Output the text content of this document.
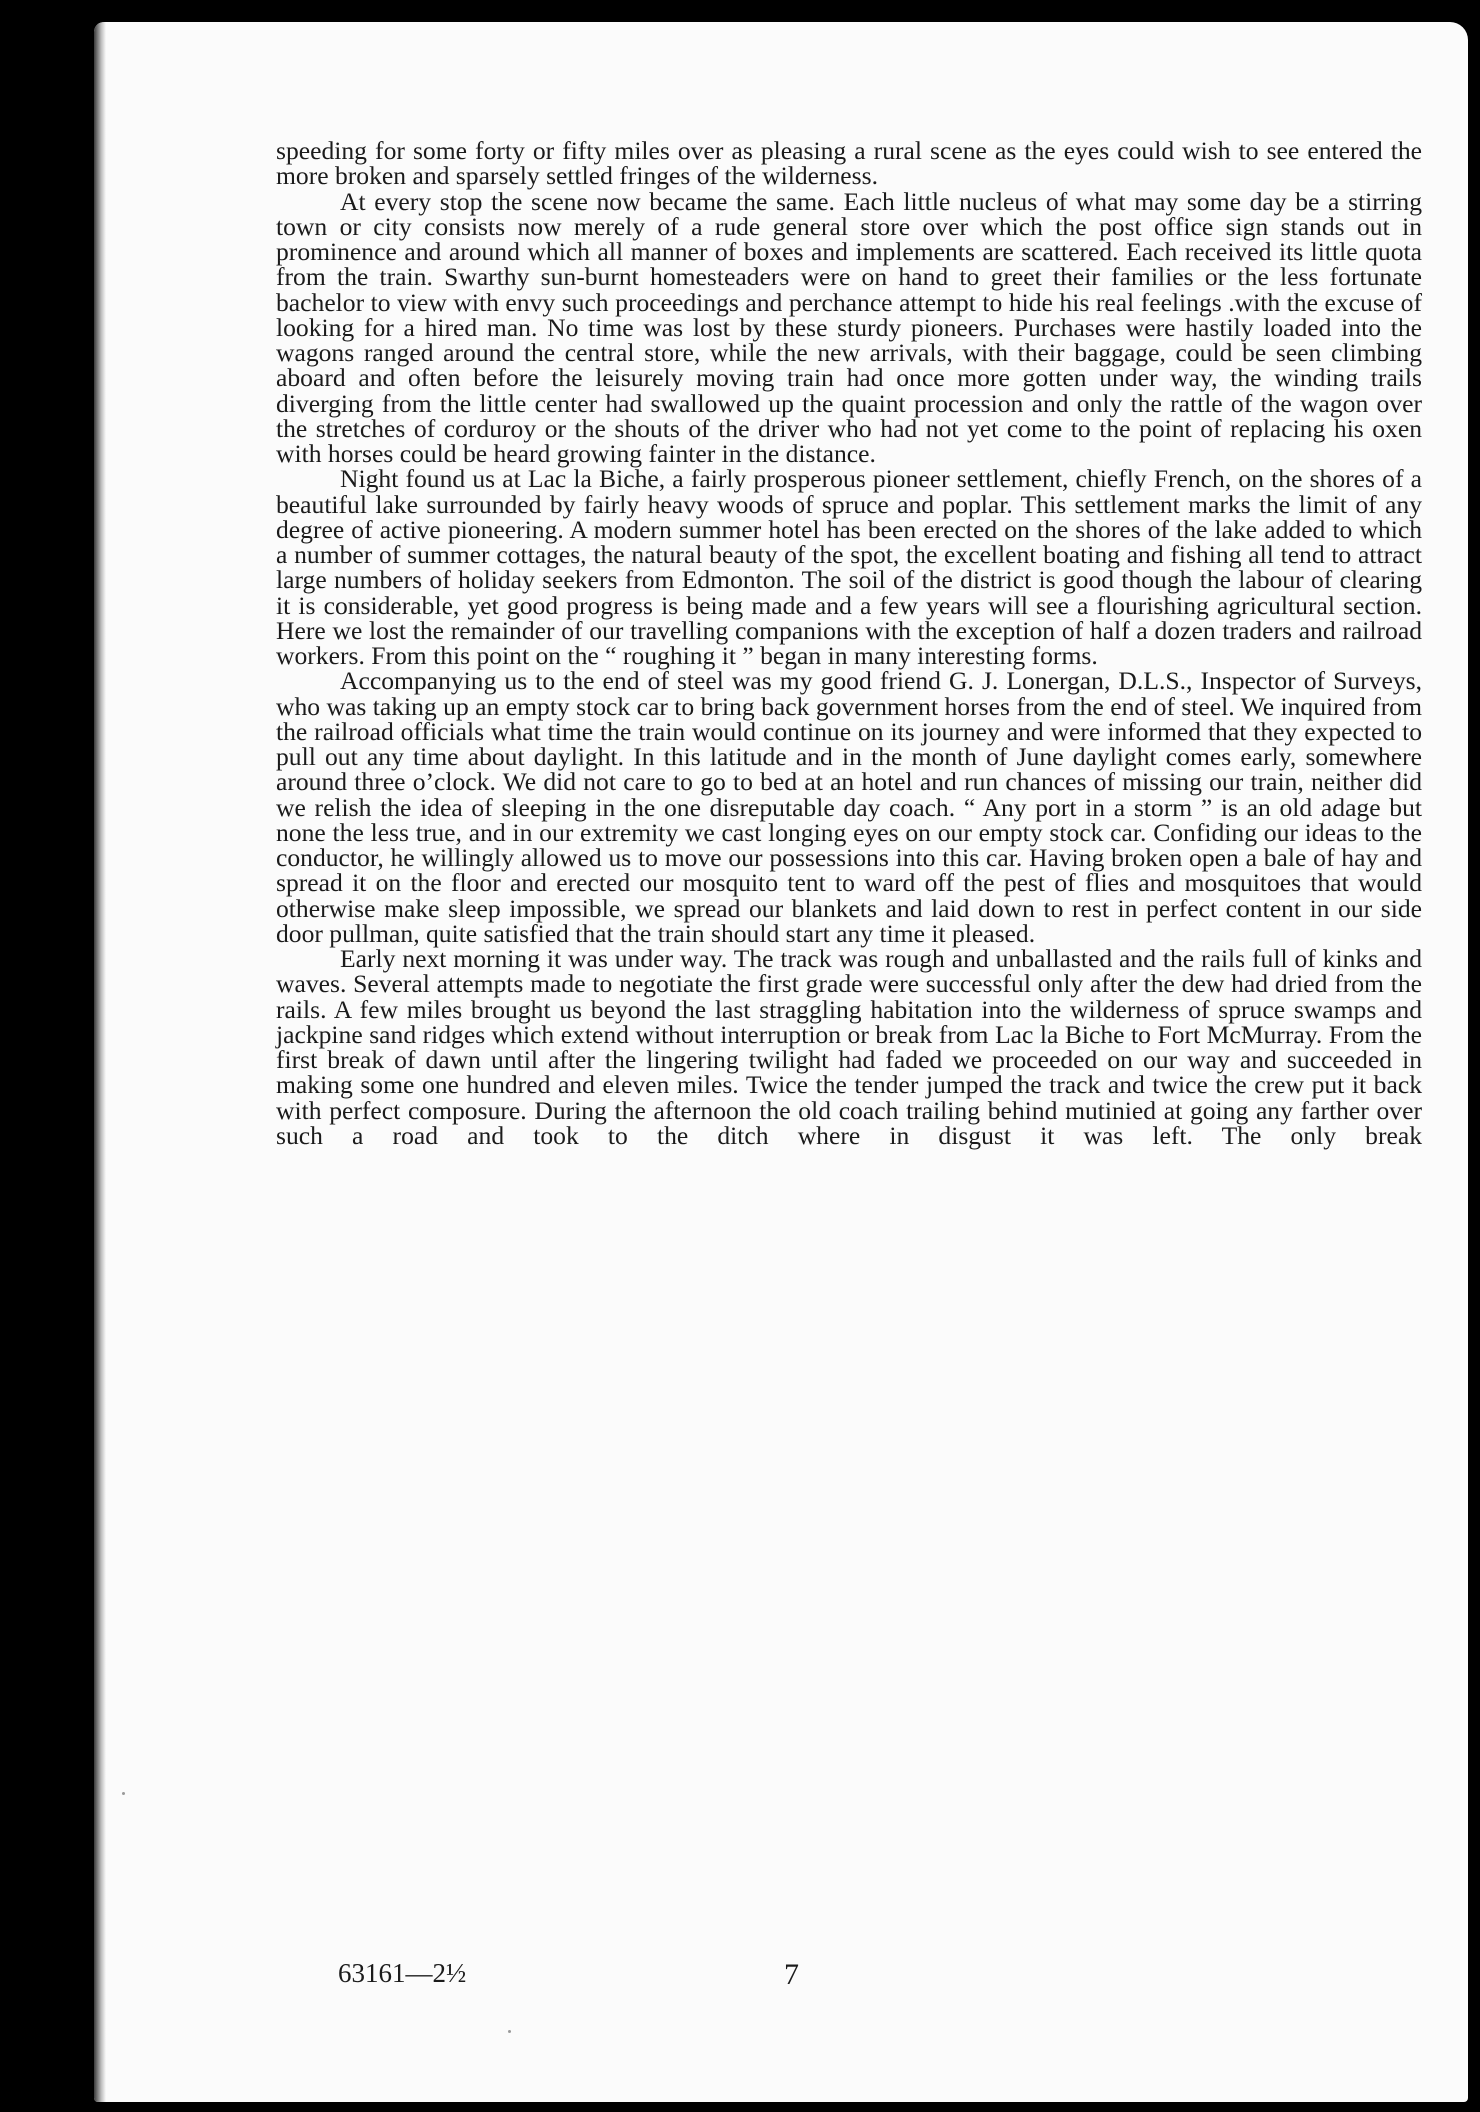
speeding for some forty or fifty miles over as pleasing a rural scene as the eyes could wish to see entered the more broken and sparsely settled fringes of the wilderness.

At every stop the scene now became the same. Each little nucleus of what may some day be a stirring town or city consists now merely of a rude general store over which the post office sign stands out in prominence and around which all manner of boxes and implements are scattered. Each received its little quota from the train. Swarthy sun-burnt homesteaders were on hand to greet their families or the less fortunate bachelor to view with envy such proceedings and perchance attempt to hide his real feelings .with the excuse of looking for a hired man. No time was lost by these sturdy pioneers. Purchases were hastily loaded into the wagons ranged around the central store, while the new arrivals, with their baggage, could be seen climbing aboard and often before the leisurely moving train had once more gotten under way, the winding trails diverging from the little center had swallowed up the quaint procession and only the rattle of the wagon over the stretches of corduroy or the shouts of the driver who had not yet come to the point of replacing his oxen with horses could be heard growing fainter in the distance.

Night found us at Lac la Biche, a fairly prosperous pioneer settlement, chiefly French, on the shores of a beautiful lake surrounded by fairly heavy woods of spruce and poplar. This settlement marks the limit of any degree of active pioneering. A modern summer hotel has been erected on the shores of the lake added to which a number of summer cottages, the natural beauty of the spot, the excellent boating and fishing all tend to attract large numbers of holiday seekers from Edmonton. The soil of the district is good though the labour of clearing it is considerable, yet good progress is being made and a few years will see a flourishing agricultural section. Here we lost the remainder of our travelling companions with the exception of half a dozen traders and railroad workers. From this point on the “ roughing it ” began in many interesting forms.

Accompanying us to the end of steel was my good friend G. J. Lonergan, D.L.S., Inspector of Surveys, who was taking up an empty stock car to bring back government horses from the end of steel. We inquired from the railroad officials what time the train would continue on its journey and were informed that they expected to pull out any time about daylight. In this latitude and in the month of June daylight comes early, somewhere around three o’clock. We did not care to go to bed at an hotel and run chances of missing our train, neither did we relish the idea of sleeping in the one disreputable day coach. “ Any port in a storm ” is an old adage but none the less true, and in our extremity we cast longing eyes on our empty stock car. Confiding our ideas to the conductor, he willingly allowed us to move our possessions into this car. Having broken open a bale of hay and spread it on the floor and erected our mosquito tent to ward off the pest of flies and mosquitoes that would otherwise make sleep impossible, we spread our blankets and laid down to rest in perfect content in our side door pullman, quite satisfied that the train should start any time it pleased.

Early next morning it was under way. The track was rough and unballasted and the rails full of kinks and waves. Several attempts made to negotiate the first grade were successful only after the dew had dried from the rails. A few miles brought us beyond the last straggling habitation into the wilderness of spruce swamps and jackpine sand ridges which extend without interruption or break from Lac la Biche to Fort McMurray. From the first break of dawn until after the lingering twilight had faded we proceeded on our way and succeeded in making some one hundred and eleven miles. Twice the tender jumped the track and twice the crew put it back with perfect composure. During the afternoon the old coach trailing behind mutinied at going any farther over such a road and took to the ditch where in disgust it was left. The only break

63161—2½	7
